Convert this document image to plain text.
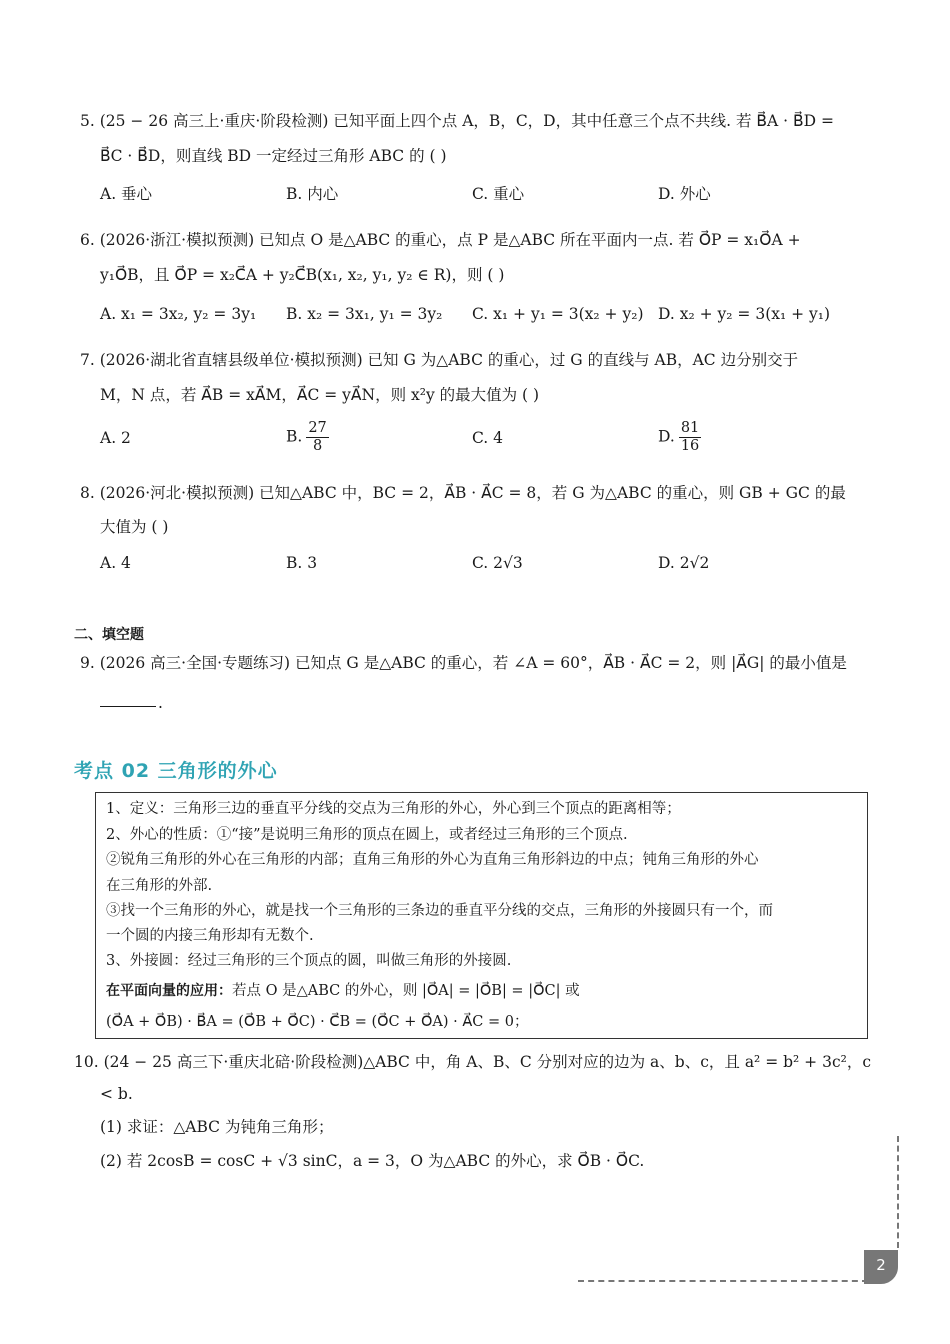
5. (25 − 26 高三上·重庆·阶段检测) 已知平面上四个点 A，B，C，D，其中任意三个点不共线. 若 B⃗A · B⃗D =
B⃗C · B⃗D，则直线 BD 一定经过三角形 ABC 的 ( )
A. 垂心	B. 内心	C. 重心	D. 外心
6. (2026·浙江·模拟预测) 已知点 O 是△ABC 的重心，点 P 是△ABC 所在平面内一点. 若 O⃗P = x₁O⃗A +
y₁O⃗B，且 O⃗P = x₂C⃗A + y₂C⃗B(x₁, x₂, y₁, y₂ ∈ R)，则 ( )
A. x₁ = 3x₂, y₂ = 3y₁ B. x₂ = 3x₁, y₁ = 3y₂ C. x₁ + y₁ = 3(x₂ + y₂) D. x₂ + y₂ = 3(x₁ + y₁)
7. (2026·湖北省直辖县级单位·模拟预测) 已知 G 为△ABC 的重心，过 G 的直线与 AB，AC 边分别交于
M，N 点，若 A⃗B = xA⃗M，A⃗C = yA⃗N，则 x²y 的最大值为 ( )
A. 2	B. $\frac{27}{8}$	C. 4	D. $\frac{81}{16}$
8. (2026·河北·模拟预测) 已知△ABC 中，BC = 2，A⃗B · A⃗C = 8，若 G 为△ABC 的重心，则 GB + GC 的最
大值为 ( )
A. 4	B. 3	C. 2√3	D. 2√2
二、填空题
9. (2026 高三·全国·专题练习) 已知点 G 是△ABC 的重心，若 ∠A = 60°，A⃗B · A⃗C = 2，则 |A⃗G| 的最小值是
.
考点 02 三角形的外心
1、定义：三角形三边的垂直平分线的交点为三角形的外心，外心到三个顶点的距离相等；
2、外心的性质：①“接”是说明三角形的顶点在圆上，或者经过三角形的三个顶点.
②锐角三角形的外心在三角形的内部；直角三角形的外心为直角三角形斜边的中点；钝角三角形的外心
在三角形的外部.
③找一个三角形的外心，就是找一个三角形的三条边的垂直平分线的交点，三角形的外接圆只有一个，而
一个圆的内接三角形却有无数个.
3、外接圆：经过三角形的三个顶点的圆，叫做三角形的外接圆.
在平面向量的应用：若点 O 是△ABC 的外心，则 |O⃗A| = |O⃗B| = |O⃗C| 或
(O⃗A + O⃗B) · B⃗A = (O⃗B + O⃗C) · C⃗B = (O⃗C + O⃗A) · A⃗C = 0；
10. (24 − 25 高三下·重庆北碚·阶段检测)△ABC 中，角 A、B、C 分别对应的边为 a、b、c，且 a² = b² + 3c²，c
< b.
(1) 求证：△ABC 为钝角三角形；
(2) 若 2cosB = cosC + √3 sinC，a = 3，O 为△ABC 的外心，求 O⃗B · O⃗C.
2
